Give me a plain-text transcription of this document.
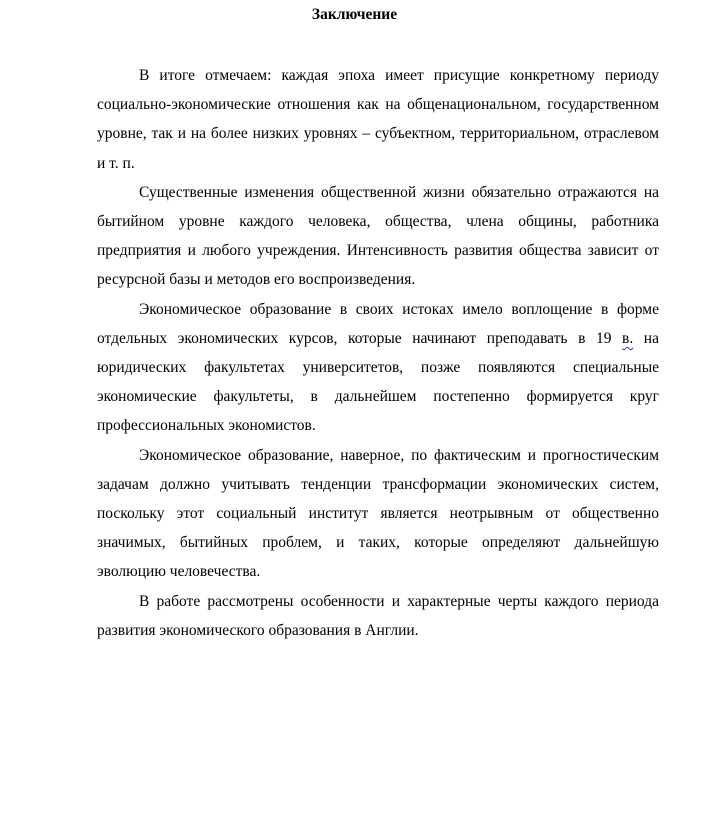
Заключение

В итоге отмечаем: каждая эпоха имеет присущие конкретному периоду социально-экономические отношения как на общенациональном, государственном уровне, так и на более низких уровнях – субъектном, территориальном, отраслевом и т. п.

Существенные изменения общественной жизни обязательно отражаются на бытийном уровне каждого человека, общества, члена общины, работника предприятия и любого учреждения. Интенсивность развития общества зависит от ресурсной базы и методов его воспроизведения.

Экономическое образование в своих истоках имело воплощение в форме отдельных экономических курсов, которые начинают преподавать в 19 в. на юридических факультетах университетов, позже появляются специальные экономические факультеты, в дальнейшем постепенно формируется круг профессиональных экономистов.

Экономическое образование, наверное, по фактическим и прогностическим задачам должно учитывать тенденции трансформации экономических систем, поскольку этот социальный институт является неотрывным от общественно значимых, бытийных проблем, и таких, которые определяют дальнейшую эволюцию человечества.

В работе рассмотрены особенности и характерные черты каждого периода развития экономического образования в Англии.
